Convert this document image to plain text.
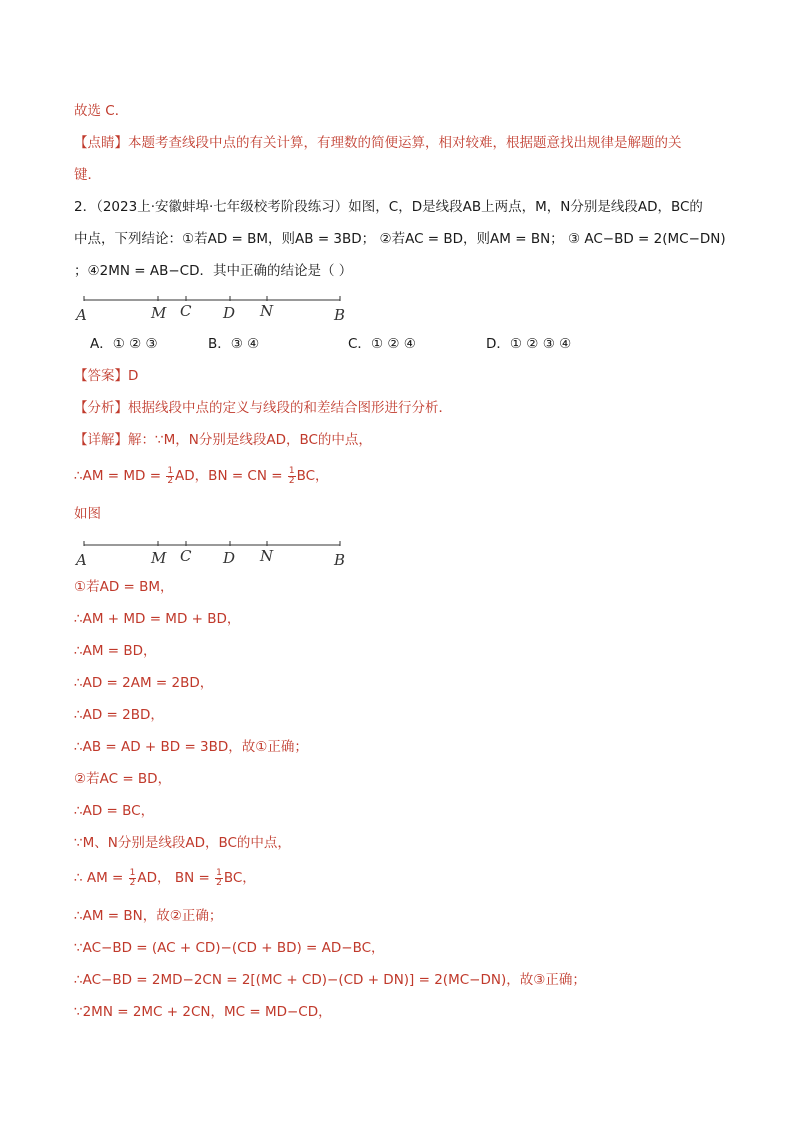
故选 C．
【点睛】本题考查线段中点的有关计算，有理数的简便运算，相对较难，根据题意找出规律是解题的关
键．
2．（2023上·安徽蚌埠·七年级校考阶段练习）如图，C，D是线段AB上两点，M，N分别是线段AD，BC的
中点，下列结论：①若AD = BM，则AB = 3BD； ②若AC = BD，则AM = BN； ③ AC−BD = 2(MC−DN)
；④2MN = AB−CD．其中正确的结论是（ ）
A	M C D N	B
A．① ② ③	B．③ ④	C．① ② ④	D．① ② ③ ④
【答案】D
【分析】根据线段中点的定义与线段的和差结合图形进行分析．
【详解】解：∵M，N分别是线段AD，BC的中点，
∴AM = MD = $\frac{1}{2}$ AD，BN = CN = $\frac{1}{2}$ BC，
如图
A	M C D N	B
①若AD = BM，
∴AM + MD = MD + BD，
∴AM = BD，
∴AD = 2AM = 2BD，
∴AD = 2BD，
∴AB = AD + BD = 3BD，故①正确；
②若AC = BD，
∴AD = BC，
∵M、N分别是线段AD，BC的中点，
∴ AM = $\frac{1}{2}$ AD， BN = $\frac{1}{2}$ BC，
∴AM = BN，故②正确；
∵AC−BD = (AC + CD)−(CD + BD) = AD−BC，
∴AC−BD = 2MD−2CN = 2[(MC + CD)−(CD + DN)] = 2(MC−DN)，故③正确；
∵2MN = 2MC + 2CN，MC = MD−CD，
